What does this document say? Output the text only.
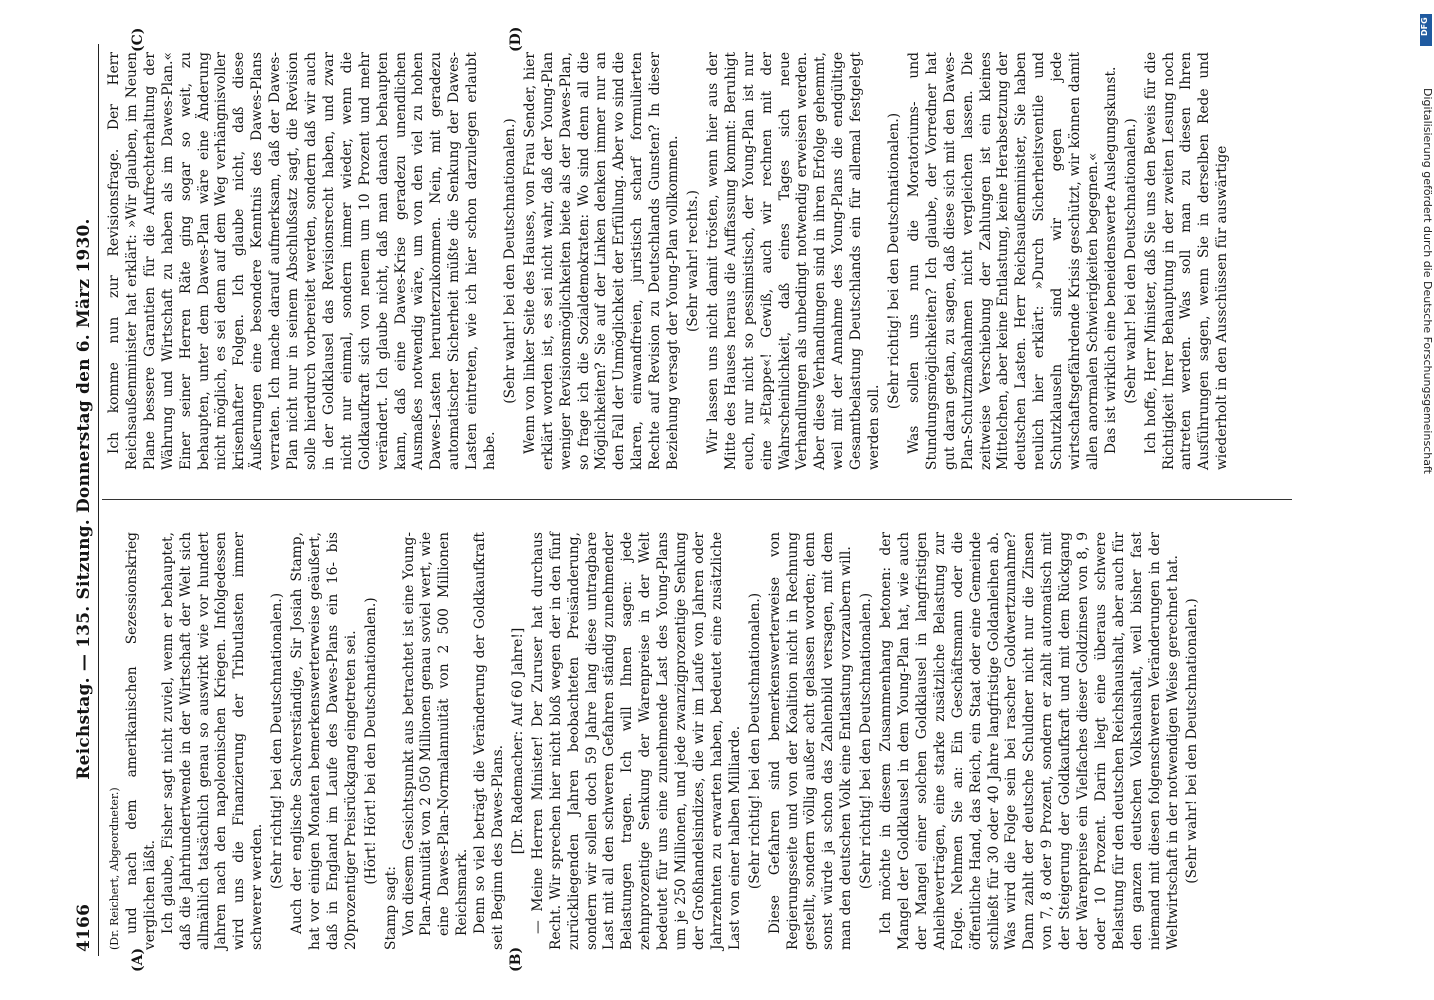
4166
Reichstag. — 135. Sitzung. Donnerstag den 6. März 1930.
(A)	(B)
(C)	(D)

(Dr. Reichert, Abgeordneter.) und nach dem amerikanischen Sezessionskrieg verglichen läßt. Ich glaube, Fisher sagt nicht zuviel, wenn er behauptet, daß die Jahrhundertwende in der Wirtschaft der Welt sich allmählich tatsächlich genau so auswirkt wie vor hundert Jahren nach den napoleonischen Kriegen. Infolgedessen wird uns die Finanzierung der Tributlasten immer schwerer werden. (Sehr richtig! bei den Deutschnationalen.) Auch der englische Sachverständige, Sir Josiah Stamp, hat vor einigen Monaten bemerkenswerterweise geäußert, daß in England im Laufe des Dawes-Plans ein 16- bis 20prozentiger Preisrückgang eingetreten sei. (Hört! Hört! bei den Deutschnationalen.)

Stamp sagt: Von diesem Gesichtspunkt aus betrachtet ist eine Young-Plan-Annuität von 2 050 Millionen genau soviel wert, wie eine Dawes-Plan-Normalannuität von 2 500 Millionen Reichsmark. Denn so viel beträgt die Veränderung der Goldkaufkraft seit Beginn des Dawes-Plans. [Dr. Rademacher: Auf 60 Jahre!] — Meine Herren Minister! Der Zuruser hat durchaus Recht. Wir sprechen hier nicht bloß wegen der in den fünf zurückliegenden Jahren beobachteten Preisänderung, sondern wir sollen doch 59 Jahre lang diese untragbare Last mit all den schweren Gefahren ständig zunehmender Belastungen tragen. Ich will Ihnen sagen: jede zehnprozentige Senkung der Warenpreise in der Welt bedeutet für uns eine zunehmende Last des Young-Plans um je 250 Millionen, und jede zwanzigprozentige Senkung der Großhandelsindizes, die wir im Laufe von Jahren oder Jahrzehnten zu erwarten haben, bedeutet eine zusätzliche Last von einer halben Milliarde. (Sehr richtig! bei den Deutschnationalen.) Diese Gefahren sind bemerkenswerterweise von Regierungsseite und von der Koalition nicht in Rechnung gestellt, sondern völlig außer acht gelassen worden; denn sonst würde ja schon das Zahlenbild versagen, mit dem man den deutschen Volk eine Entlastung vorzaubern will. (Sehr richtig! bei den Deutschnationalen.) Ich möchte in diesem Zusammenhang betonen: der Mangel der Goldklausel in dem Young-Plan hat, wie auch der Mangel einer solchen Goldklausel in langfristigen Anleiheverträgen, eine starke zusätzliche Belastung zur Folge. Nehmen Sie an: Ein Geschäftsmann oder die öffentliche Hand, das Reich, ein Staat oder eine Gemeinde schließt für 30 oder 40 Jahre langfristige Goldanleihen ab. Was wird die Folge sein bei rascher Goldwertzunahme? Dann zahlt der deutsche Schuldner nicht nur die Zinsen von 7, 8 oder 9 Prozent, sondern er zahlt automatisch mit der Steigerung der Goldkaufkraft und mit dem Rückgang der Warenpreise ein Vielfaches dieser Goldzinsen von 8, 9 oder 10 Prozent. Darin liegt eine überaus schwere Belastung für den deutschen Reichshaushalt, aber auch für den ganzen deutschen Volkshaushalt, weil bisher fast niemand mit diesen folgenschweren Veränderungen in der Weltwirtschaft in der notwendigen Weise gerechnet hat. (Sehr wahr! bei den Deutschnationalen.)

Ich komme nun zur Revisionsfrage. Der Herr Reichsaußenminister hat erklärt: »Wir glauben, im Neuen Plane bessere Garantien für die Aufrechterhaltung der Währung und Wirtschaft zu haben als im Dawes-Plan.« Einer seiner Herren Räte ging sogar so weit, zu behaupten, unter dem Dawes-Plan wäre eine Änderung nicht möglich, es sei denn auf dem Weg verhängnisvoller krisenhafter Folgen. Ich glaube nicht, daß diese Äußerungen eine besondere Kenntnis des Dawes-Plans verraten. Ich mache darauf aufmerksam, daß der Dawes-Plan nicht nur in seinem Abschlußsatz sagt, die Revision solle hierdurch vorbereitet werden, sondern daß wir auch in der Goldklausel das Revisionsrecht haben, und zwar nicht nur einmal, sondern immer wieder, wenn die Goldkaufkraft sich von neuem um 10 Prozent und mehr verändert. Ich glaube nicht, daß man danach behaupten kann, daß eine Dawes-Krise geradezu unendlichen Ausmaßes notwendig wäre, um von den viel zu hohen Dawes-Lasten herunterzukommen. Nein, mit geradezu automatischer Sicherheit müßte die Senkung der Dawes-Lasten eintreten, wie ich hier schon darzulegen erlaubt habe.

(Sehr wahr! bei den Deutschnationalen.) Wenn von linker Seite des Hauses, von Frau Sender, hier erklärt worden ist, es sei nicht wahr, daß der Young-Plan weniger Revisionsmöglichkeiten biete als der Dawes-Plan, so frage ich die Sozialdemokraten: Wo sind denn all die Möglichkeiten? Sie auf der Linken denken immer nur an den Fall der Unmöglichkeit der Erfüllung. Aber wo sind die klaren, einwandfreien, juristisch scharf formulierten Rechte auf Revision zu Deutschlands Gunsten? In dieser Beziehung versagt der Young-Plan vollkommen. (Sehr wahr! rechts.) Wir lassen uns nicht damit trösten, wenn hier aus der Mitte des Hauses heraus die Auffassung kommt: Beruhigt euch, nur nicht so pessimistisch, der Young-Plan ist nur eine »Etappe«! Gewiß, auch wir rechnen mit der Wahrscheinlichkeit, daß eines Tages sich neue Verhandlungen als unbedingt notwendig erweisen werden. Aber diese Verhandlungen sind in ihren Erfolge gehemmt, weil mit der Annahme des Young-Plans die endgültige Gesamtbelastung Deutschlands ein für allemal festgelegt werden soll.

(Sehr richtig! bei den Deutschnationalen.) Was sollen uns nun die Moratoriums- und Stundungsmöglichkeiten? Ich glaube, der Vorredner hat gut daran getan, zu sagen, daß diese sich mit den Dawes-Plan-Schutzmaßnahmen nicht vergleichen lassen. Die zeitweise Verschiebung der Zahlungen ist ein kleines Mittelchen, aber keine Entlastung, keine Herabsetzung der deutschen Lasten. Herr Reichsaußenminister, Sie haben neulich hier erklärt: »Durch Sicherheitsventile und Schutzklauseln sind wir gegen jede wirtschaftsgefährdende Krisis geschützt, wir können damit allen anormalen Schwierigkeiten begegnen.« Das ist wirklich eine beneidenswerte Auslegungskunst. (Sehr wahr! bei den Deutschnationalen.) Ich hoffe, Herr Minister, daß Sie uns den Beweis für die Richtigkeit Ihrer Behauptung in der zweiten Lesung noch antreten werden. Was soll man zu diesen Ihren Ausführungen sagen, wenn Sie in derselben Rede und wiederholt in den Ausschüssen für auswärtige

DFG
Digitalisierung gefördert durch die Deutsche Forschungsgemeinschaft
